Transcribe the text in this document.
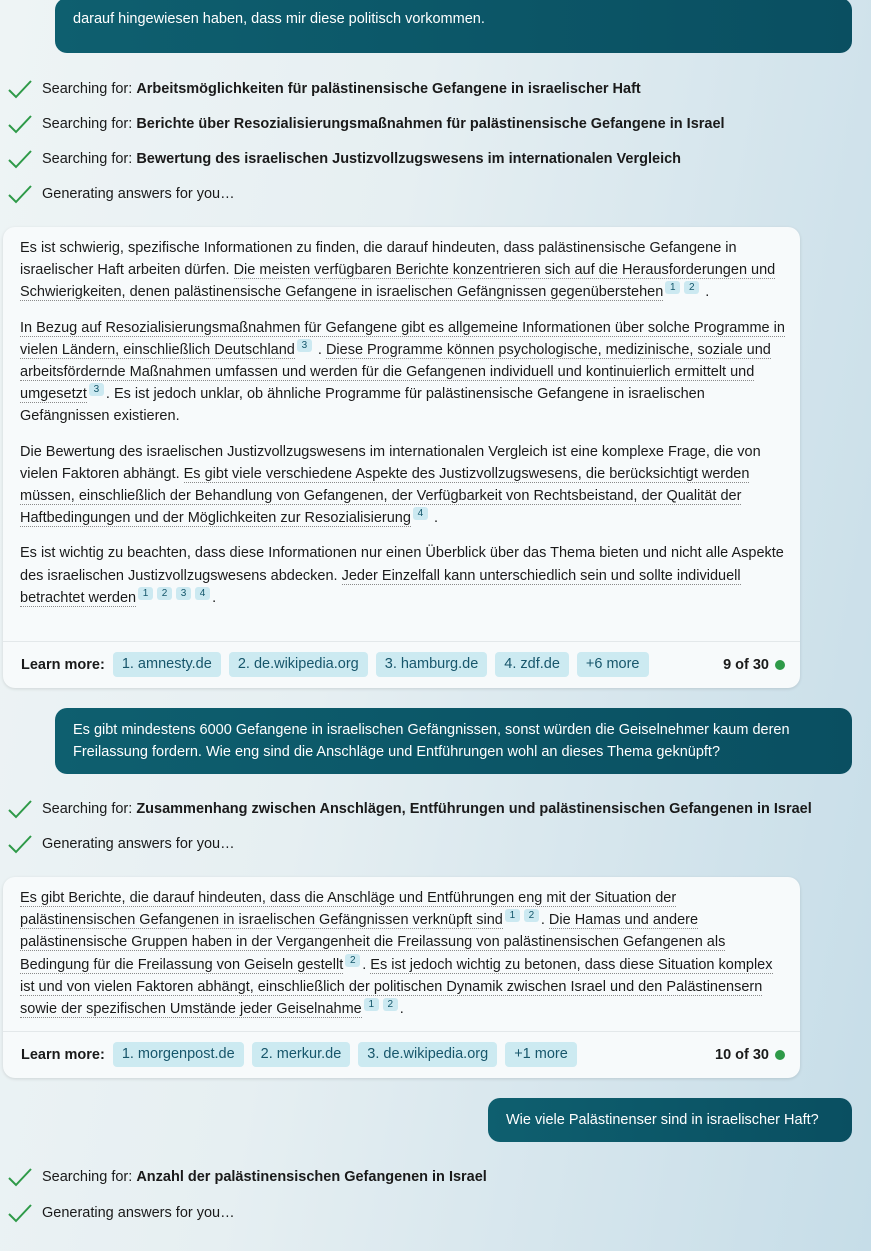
darauf hingewiesen haben, dass mir diese politisch vorkommen.
Searching for: Arbeitsmöglichkeiten für palästinensische Gefangene in israelischer Haft
Searching for: Berichte über Resozialisierungsmaßnahmen für palästinensische Gefangene in Israel
Searching for: Bewertung des israelischen Justizvollzugswesens im internationalen Vergleich
Generating answers for you…

Es ist schwierig, spezifische Informationen zu finden, die darauf hindeuten, dass palästinensische Gefangene in israelischer Haft arbeiten dürfen. Die meisten verfügbaren Berichte konzentrieren sich auf die Herausforderungen und Schwierigkeiten, denen palästinensische Gefangene in israelischen Gefängnissen gegenüberstehen 1 2 .

In Bezug auf Resozialisierungsmaßnahmen für Gefangene gibt es allgemeine Informationen über solche Programme in vielen Ländern, einschließlich Deutschland 3 . Diese Programme können psychologische, medizinische, soziale und arbeitsfördernde Maßnahmen umfassen und werden für die Gefangenen individuell und kontinuierlich ermittelt und umgesetzt 3 . Es ist jedoch unklar, ob ähnliche Programme für palästinensische Gefangene in israelischen Gefängnissen existieren.

Die Bewertung des israelischen Justizvollzugswesens im internationalen Vergleich ist eine komplexe Frage, die von vielen Faktoren abhängt. Es gibt viele verschiedene Aspekte des Justizvollzugswesens, die berücksichtigt werden müssen, einschließlich der Behandlung von Gefangenen, der Verfügbarkeit von Rechtsbeistand, der Qualität der Haftbedingungen und der Möglichkeiten zur Resozialisierung 4 .

Es ist wichtig zu beachten, dass diese Informationen nur einen Überblick über das Thema bieten und nicht alle Aspekte des israelischen Justizvollzugswesens abdecken. Jeder Einzelfall kann unterschiedlich sein und sollte individuell betrachtet werden 1 2 3 4 .

Learn more:	1. amnesty.de	2. de.wikipedia.org	3. hamburg.de	4. zdf.de	+6 more	9 of 30
Es gibt mindestens 6000 Gefangene in israelischen Gefängnissen, sonst würden die Geiselnehmer kaum deren Freilassung fordern. Wie eng sind die Anschläge und Entführungen wohl an dieses Thema geknüpft?
Searching for: Zusammenhang zwischen Anschlägen, Entführungen und palästinensischen Gefangenen in Israel
Generating answers for you…

Es gibt Berichte, die darauf hindeuten, dass die Anschläge und Entführungen eng mit der Situation der palästinensischen Gefangenen in israelischen Gefängnissen verknüpft sind 1 2 . Die Hamas und andere palästinensische Gruppen haben in der Vergangenheit die Freilassung von palästinensischen Gefangenen als Bedingung für die Freilassung von Geiseln gestellt 2 . Es ist jedoch wichtig zu betonen, dass diese Situation komplex ist und von vielen Faktoren abhängt, einschließlich der politischen Dynamik zwischen Israel und den Palästinensern sowie der spezifischen Umstände jeder Geiselnahme 1 2 .

Learn more:	1. morgenpost.de	2. merkur.de	3. de.wikipedia.org	+1 more	10 of 30
Wie viele Palästinenser sind in israelischer Haft?
Searching for: Anzahl der palästinensischen Gefangenen in Israel
Generating answers for you…
